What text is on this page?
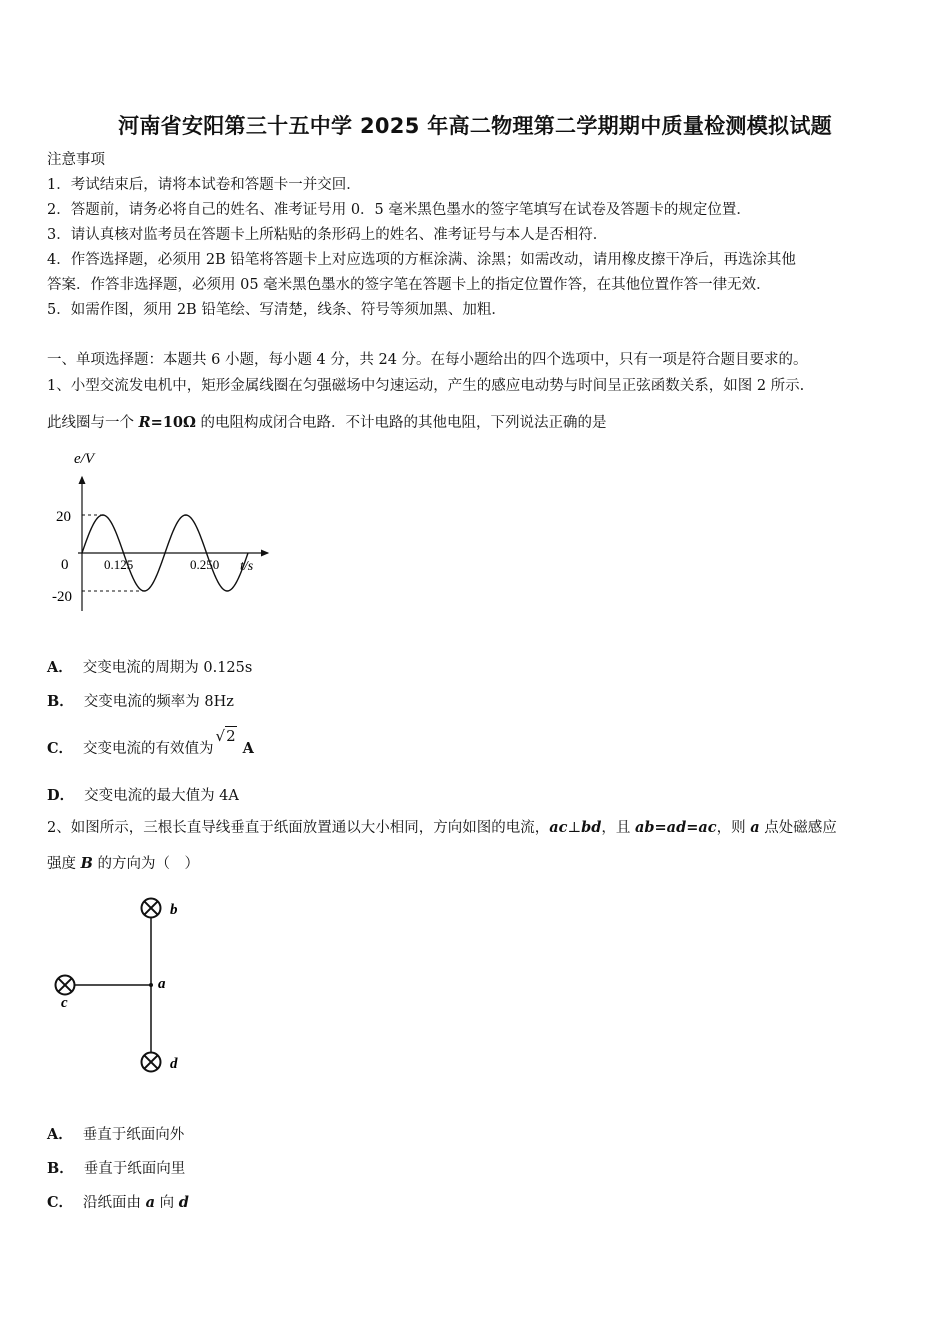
河南省安阳第三十五中学 2025 年高二物理第二学期期中质量检测模拟试题
注意事项
1．考试结束后，请将本试卷和答题卡一并交回．
2．答题前，请务必将自己的姓名、准考证号用 0．5 毫米黑色墨水的签字笔填写在试卷及答题卡的规定位置．
3．请认真核对监考员在答题卡上所粘贴的条形码上的姓名、准考证号与本人是否相符．
4．作答选择题，必须用 2B 铅笔将答题卡上对应选项的方框涂满、涂黑；如需改动，请用橡皮擦干净后，再选涂其他
答案．作答非选择题，必须用 05 毫米黑色墨水的签字笔在答题卡上的指定位置作答，在其他位置作答一律无效．
5．如需作图，须用 2B 铅笔绘、写清楚，线条、符号等须加黑、加粗．
一、单项选择题：本题共 6 小题，每小题 4 分，共 24 分。在每小题给出的四个选项中，只有一项是符合题目要求的。
1、小型交流发电机中，矩形金属线圈在匀强磁场中匀速运动，产生的感应电动势与时间呈正弦函数关系，如图 2 所示.
此线圈与一个 R=10Ω 的电阻构成闭合电路．不计电路的其他电阻，下列说法正确的是
e/V
t/s
20
0
-20
0.125	0.250
A． 交变电流的周期为 0.125s
B． 交变电流的频率为 8Hz
C． 交变电流的有效值为√2A
D． 交变电流的最大值为 4A
2、如图所示，三根长直导线垂直于纸面放置通以大小相同，方向如图的电流，ac⊥bd，且 ab=ad=ac，则 a 点处磁感应
强度 B 的方向为（　）
b
a
c
d
A． 垂直于纸面向外
B． 垂直于纸面向里
C． 沿纸面由 a 向 d
